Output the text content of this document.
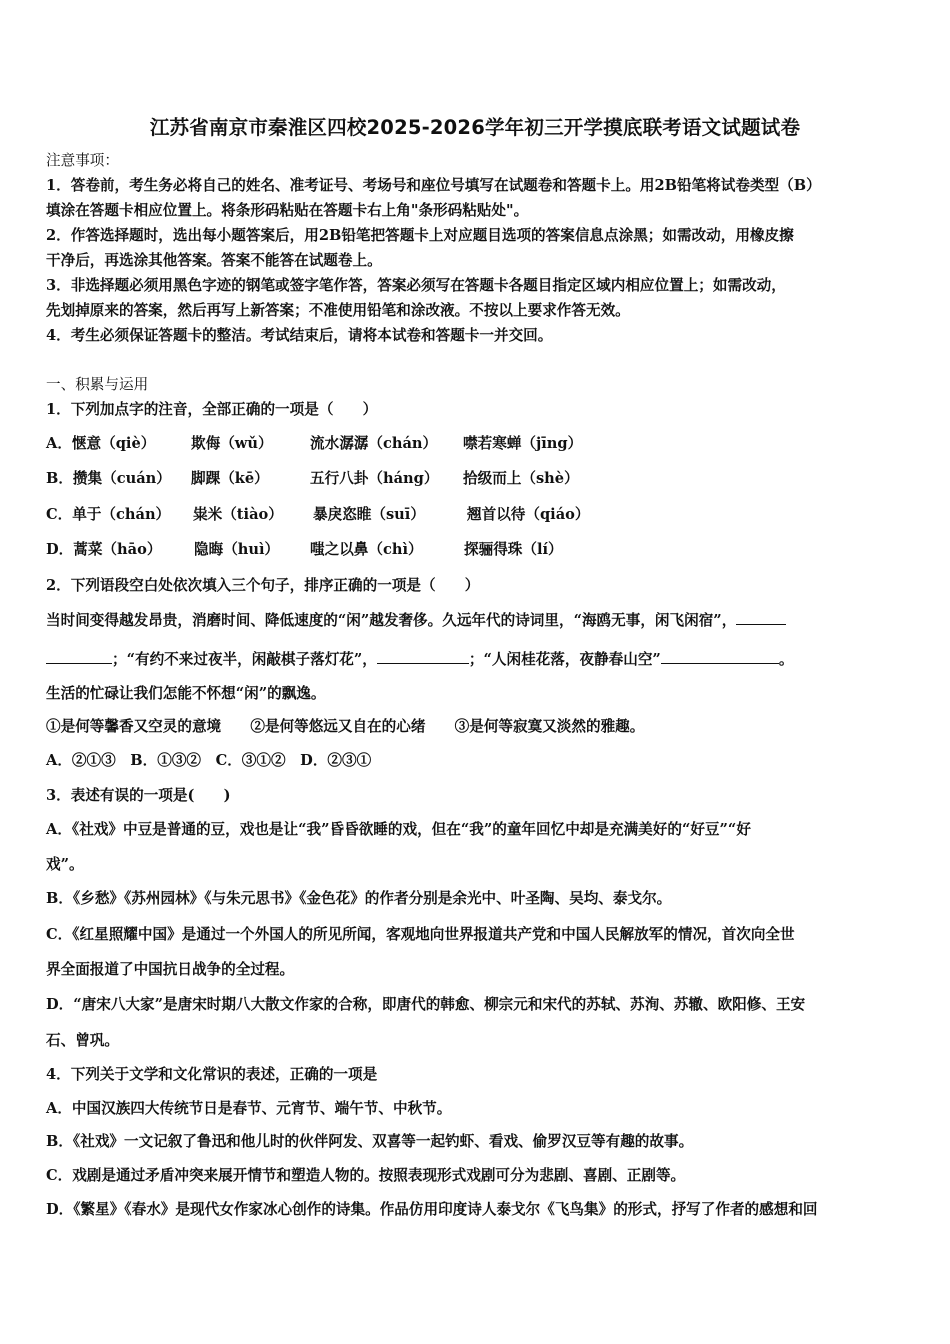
江苏省南京市秦淮区四校2025-2026学年初三开学摸底联考语文试题试卷
注意事项：
1．答卷前，考生务必将自己的姓名、准考证号、考场号和座位号填写在试题卷和答题卡上。用2B铅笔将试卷类型（B）
填涂在答题卡相应位置上。将条形码粘贴在答题卡右上角"条形码粘贴处"。
2．作答选择题时，选出每小题答案后，用2B铅笔把答题卡上对应题目选项的答案信息点涂黑；如需改动，用橡皮擦
干净后，再选涂其他答案。答案不能答在试题卷上。
3．非选择题必须用黑色字迹的钢笔或签字笔作答，答案必须写在答题卡各题目指定区域内相应位置上；如需改动，
先划掉原来的答案，然后再写上新答案；不准使用铅笔和涂改液。不按以上要求作答无效。
4．考生必须保证答题卡的整洁。考试结束后，请将本试卷和答题卡一并交回。
一、积累与运用
1．下列加点字的注音，全部正确的一项是（　　）
A．惬意（qiè） 欺侮（wǔ）	流水潺潺（chán） 噤若寒蝉（jīng）
B．攒集（cuán） 脚踝（kē）	五行八卦（háng） 拾级而上（shè）
C．单于（chán） 粜米（tiào） 暴戾恣睢（suī）	翘首以待（qiáo）
D．蒿菜（hāo） 隐晦（huì） 嗤之以鼻（chì）	探骊得珠（lí）
2．下列语段空白处依次填入三个句子，排序正确的一项是（　　）
当时间变得越发昂贵，消磨时间、降低速度的“闲”越发奢侈。久远年代的诗词里，“海鸥无事，闲飞闲宿”，
；“有约不来过夜半，闲敲棋子落灯花”，	；“人闲桂花落，夜静春山空”	。
生活的忙碌让我们怎能不怀想“闲”的飘逸。
①是何等馨香又空灵的意境　　②是何等悠远又自在的心绪　　③是何等寂寞又淡然的雅趣。
A．②①③　B．①③②　C．③①②　D．②③①
3．表述有误的一项是(　　)
A．《社戏》中豆是普通的豆，戏也是让“我”昏昏欲睡的戏，但在“我”的童年回忆中却是充满美好的“好豆”“好
戏”。
B．《乡愁》《苏州园林》《与朱元思书》《金色花》的作者分别是余光中、叶圣陶、吴均、泰戈尔。
C．《红星照耀中国》是通过一个外国人的所见所闻，客观地向世界报道共产党和中国人民解放军的情况，首次向全世
界全面报道了中国抗日战争的全过程。
D．“唐宋八大家”是唐宋时期八大散文作家的合称，即唐代的韩愈、柳宗元和宋代的苏轼、苏洵、苏辙、欧阳修、王安
石、曾巩。
4．下列关于文学和文化常识的表述，正确的一项是
A．中国汉族四大传统节日是春节、元宵节、端午节、中秋节。
B．《社戏》一文记叙了鲁迅和他儿时的伙伴阿发、双喜等一起钓虾、看戏、偷罗汉豆等有趣的故事。
C．戏剧是通过矛盾冲突来展开情节和塑造人物的。按照表现形式戏剧可分为悲剧、喜剧、正剧等。
D．《繁星》《春水》是现代女作家冰心创作的诗集。作品仿用印度诗人泰戈尔《飞鸟集》的形式，抒写了作者的感想和回
